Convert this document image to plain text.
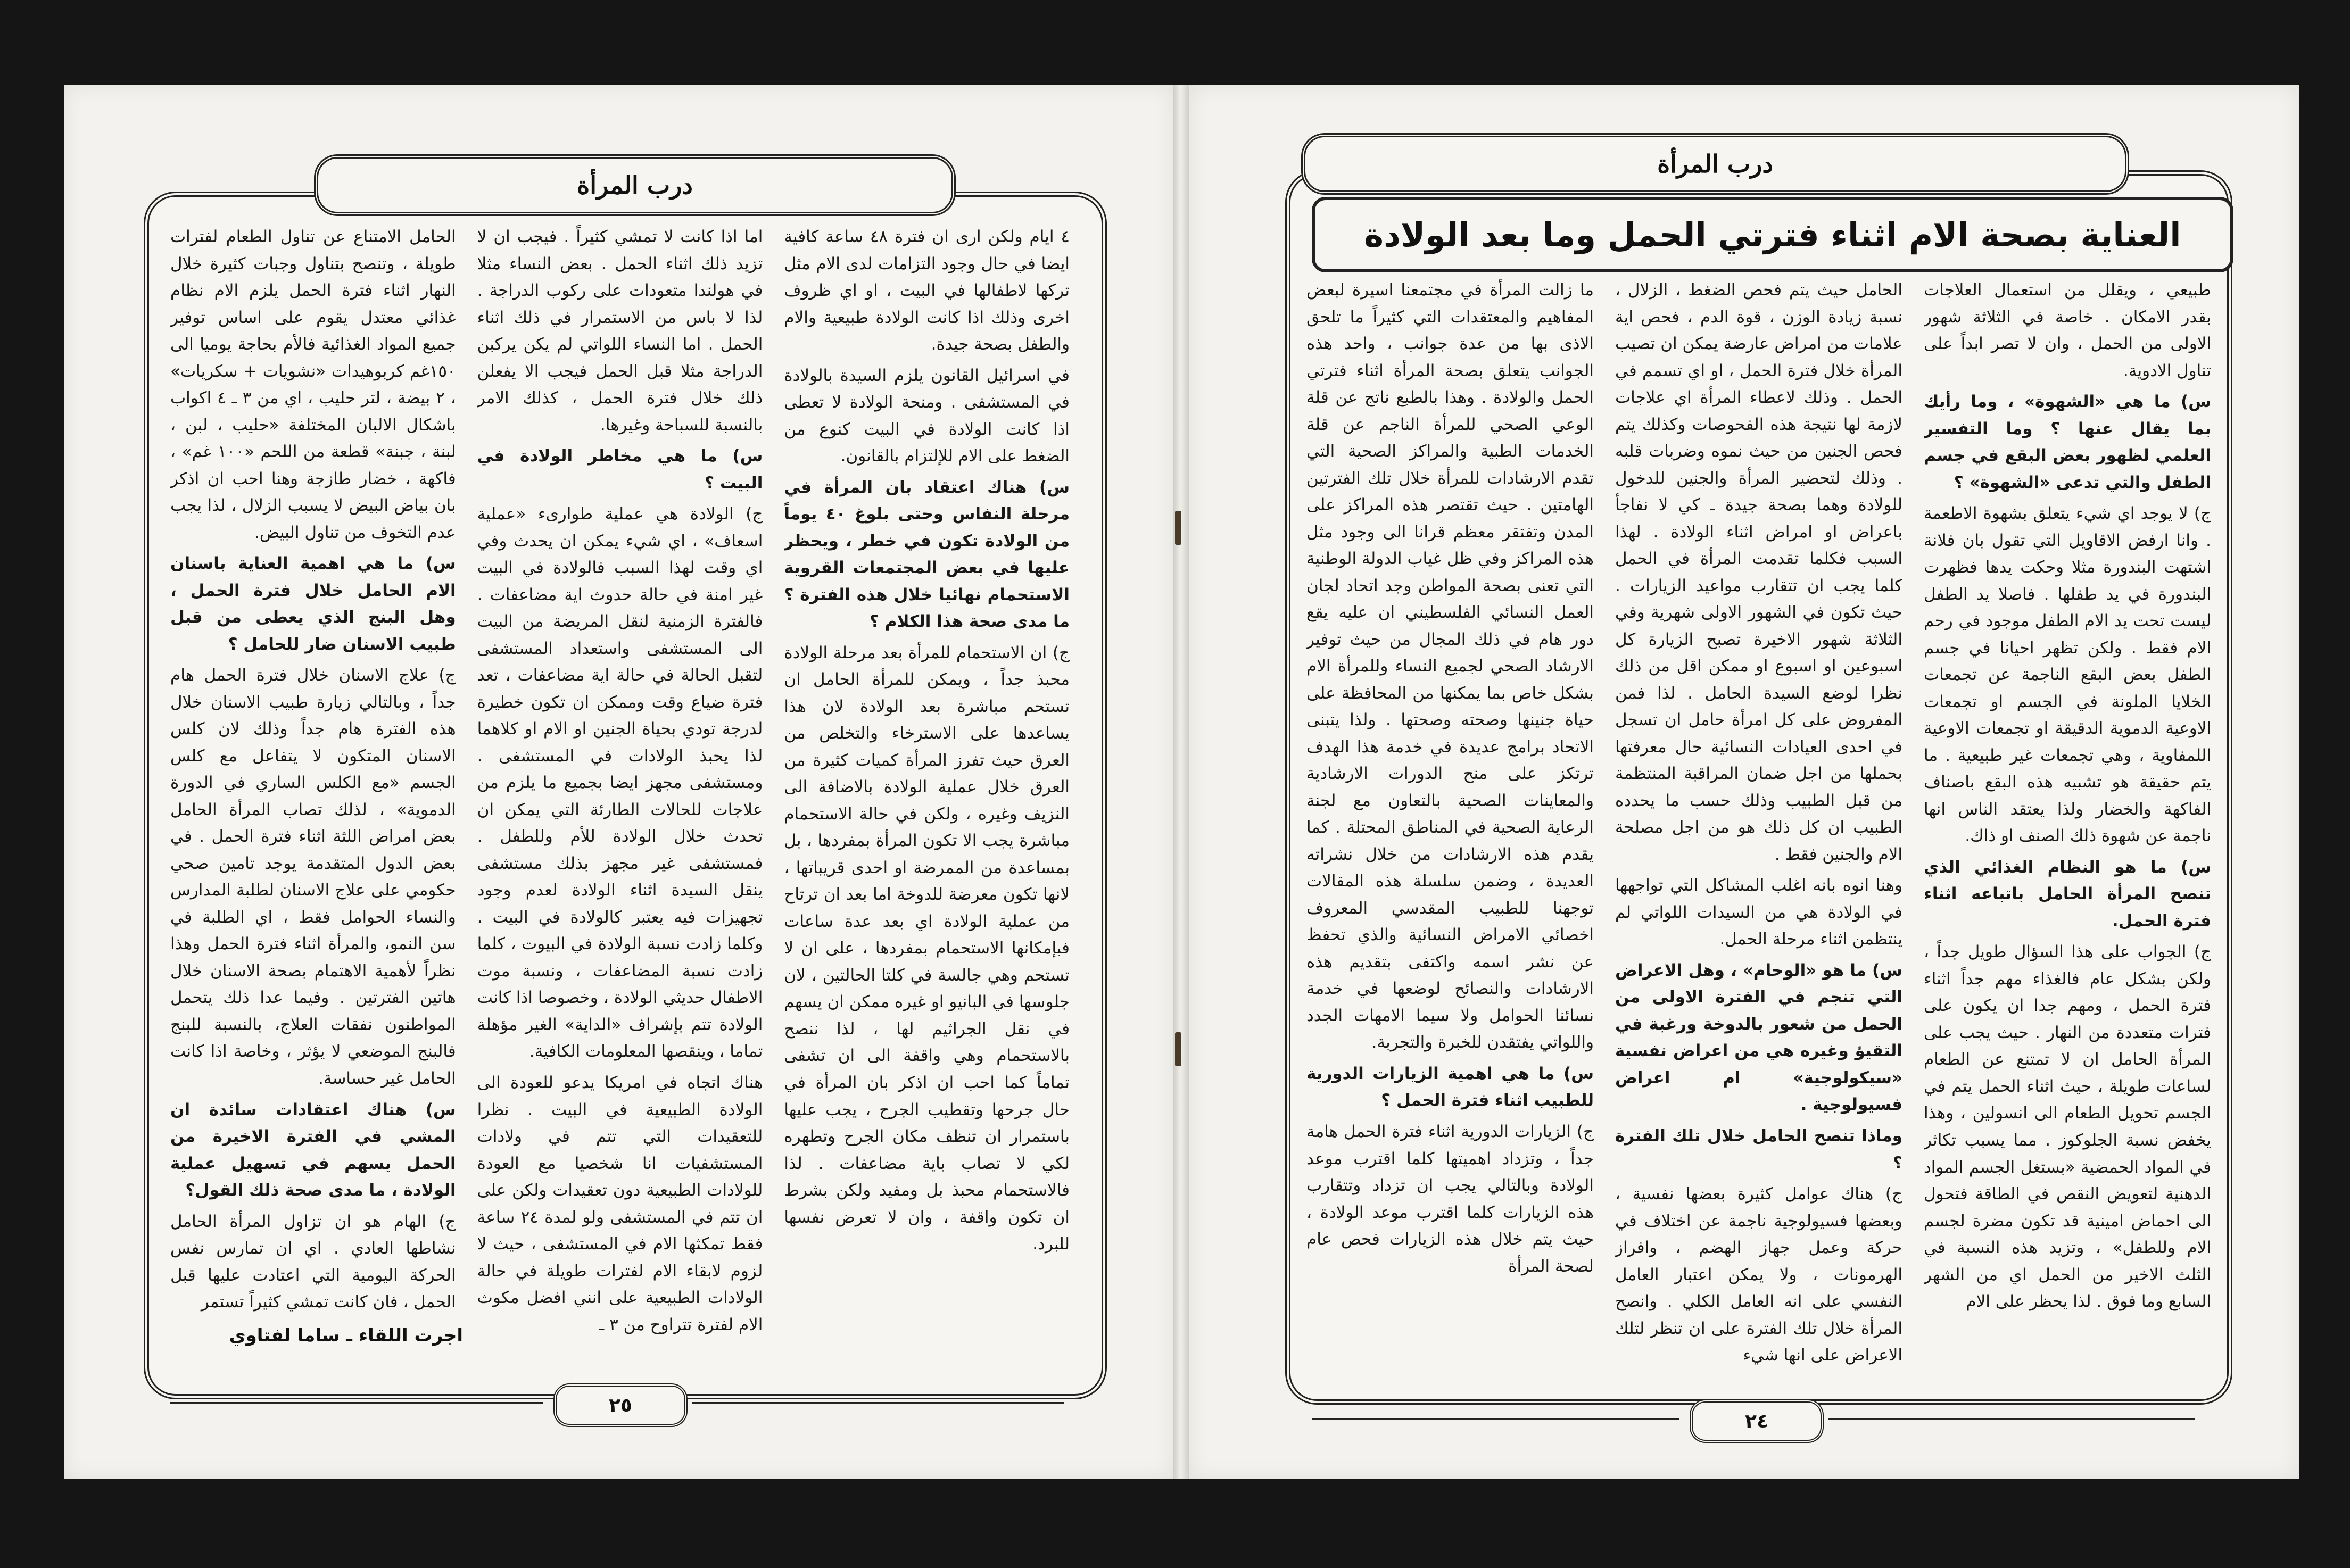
درب المرأة

الحامل الامتناع عن تناول الطعام لفترات طويلة ، وتنصح بتناول وجبات كثيرة خلال النهار اثناء فترة الحمل يلزم الام نظام غذائي معتدل يقوم على اساس توفير جميع المواد الغذائية فالأم بحاجة يوميا الى ١٥٠غم كربوهيدات «نشويات + سكريات» ، ٢ بيضة ، لتر حليب ، اي من ٣ ـ ٤ اكواب باشكال الالبان المختلفة «حليب ، لبن ، لبنة ، جبنة» قطعة من اللحم «١٠٠ غم» ، فاكهة ، خضار طازجة وهنا احب ان اذكر بان بياض البيض لا يسبب الزلال ، لذا يجب عدم التخوف من تناول البيض.

س) ما هي اهمية العناية باسنان الام الحامل خلال فترة الحمل ، وهل البنج الذي يعطى من قبل طبيب الاسنان ضار للحامل ؟

ج) علاج الاسنان خلال فترة الحمل هام جداً ، وبالتالي زيارة طبيب الاسنان خلال هذه الفترة هام جداً وذلك لان كلس الاسنان المتكون لا يتفاعل مع كلس الجسم «مع الكلس الساري في الدورة الدموية» ، لذلك تصاب المرأة الحامل بعض امراض اللثة اثناء فترة الحمل . في بعض الدول المتقدمة يوجد تامين صحي حكومي على علاج الاسنان لطلبة المدارس والنساء الحوامل فقط ، اي الطلبة في سن النمو، والمرأة اثناء فترة الحمل وهذا نظراً لأهمية الاهتمام بصحة الاسنان خلال هاتين الفترتين . وفيما عدا ذلك يتحمل المواطنون نفقات العلاج، بالنسبة للبنج فالبنج الموضعي لا يؤثر ، وخاصة اذا كانت الحامل غير حساسة.

س) هناك اعتقادات سائدة ان المشي في الفترة الاخيرة من الحمل يسهم في تسهيل عملية الولادة ، ما مدى صحة ذلك القول؟

ج) الهام هو ان تزاول المرأة الحامل نشاطها العادي . اي ان تمارس نفس الحركة اليومية التي اعتادت عليها قبل الحمل ، فان كانت تمشي كثيراً تستمر

اما اذا كانت لا تمشي كثيراً . فيجب ان لا تزيد ذلك اثناء الحمل . بعض النساء مثلا في هولندا متعودات على ركوب الدراجة . لذا لا باس من الاستمرار في ذلك اثناء الحمل . اما النساء اللواتي لم يكن يركبن الدراجة مثلا قبل الحمل فيجب الا يفعلن ذلك خلال فترة الحمل ، كذلك الامر بالنسبة للسباحة وغيرها.

س) ما هي مخاطر الولادة في البيت ؟

ج) الولادة هي عملية طوارىء «عملية اسعاف» ، اي شيء يمكن ان يحدث وفي اي وقت لهذا السبب فالولادة في البيت غير امنة في حالة حدوث اية مضاعفات . فالفترة الزمنية لنقل المريضة من البيت الى المستشفى واستعداد المستشفى لتقبل الحالة في حالة اية مضاعفات ، تعد فترة ضياع وقت وممكن ان تكون خطيرة لدرجة تودي بحياة الجنين او الام او كلاهما لذا يحبذ الولادات في المستشفى . ومستشفى مجهز ايضا بجميع ما يلزم من علاجات للحالات الطارئة التي يمكن ان تحدث خلال الولادة للأم وللطفل . فمستشفى غير مجهز بذلك مستشفى ينقل السيدة اثناء الولادة لعدم وجود تجهيزات فيه يعتبر كالولادة في البيت . وكلما زادت نسبة الولادة في البيوت ، كلما زادت نسبة المضاعفات ، ونسبة موت الاطفال حديثي الولادة ، وخصوصا اذا كانت الولادة تتم بإشراف «الداية» الغير مؤهلة تماما ، وينقصها المعلومات الكافية.

هناك اتجاه في امريكا يدعو للعودة الى الولادة الطبيعية في البيت . نظرا للتعقيدات التي تتم في ولادات المستشفيات انا شخصيا مع العودة للولادات الطبيعية دون تعقيدات ولكن على ان تتم في المستشفى ولو لمدة ٢٤ ساعة فقط تمكثها الام في المستشفى ، حيث لا لزوم لابقاء الام لفترات طويلة في حالة الولادات الطبيعية على انني افضل مكوث الام لفترة تتراوح من ٣ ـ

٤ ايام ولكن ارى ان فترة ٤٨ ساعة كافية ايضا في حال وجود التزامات لدى الام مثل تركها لاطفالها في البيت ، او اي ظروف اخرى وذلك اذا كانت الولادة طبيعية والام والطفل بصحة جيدة.

في اسرائيل القانون يلزم السيدة بالولادة في المستشفى . ومنحة الولادة لا تعطى اذا كانت الولادة في البيت كنوع من الضغط على الام للإلتزام بالقانون.

س) هناك اعتقاد بان المرأة في مرحلة النفاس وحتى بلوغ ٤٠ يوماً من الولادة تكون في خطر ، ويحظر عليها في بعض المجتمعات القروية الاستحمام نهائيا خلال هذه الفترة ؟ ما مدى صحة هذا الكلام ؟

ج) ان الاستحمام للمرأة بعد مرحلة الولادة محبذ جداً ، ويمكن للمرأة الحامل ان تستحم مباشرة بعد الولادة لان هذا يساعدها على الاسترخاء والتخلص من العرق حيث تفرز المرأة كميات كثيرة من العرق خلال عملية الولادة بالاضافة الى النزيف وغيره ، ولكن في حالة الاستحمام مباشرة يجب الا تكون المرأة بمفردها ، بل بمساعدة من الممرضة او احدى قريباتها ، لانها تكون معرضة للدوخة اما بعد ان ترتاح من عملية الولادة اي بعد عدة ساعات فبإمكانها الاستحمام بمفردها ، على ان لا تستحم وهي جالسة في كلتا الحالتين ، لان جلوسها في البانيو او غيره ممكن ان يسهم في نقل الجراثيم لها ، لذا ننصح بالاستحمام وهي واقفة الى ان تشفى تماماً كما احب ان اذكر بان المرأة في حال جرحها وتقطيب الجرح ، يجب عليها باستمرار ان تنظف مكان الجرح وتطهره لكي لا تصاب باية مضاعفات . لذا فالاستحمام محبذ بل ومفيد ولكن بشرط ان تكون واقفة ، وان لا تعرض نفسها للبرد.

اجرت اللقاء ـ ساما لفتاوي
٢٥
درب المرأة
العناية بصحة الام اثناء فترتي الحمل وما بعد الولادة

ما زالت المرأة في مجتمعنا اسيرة لبعض المفاهيم والمعتقدات التي كثيراً ما تلحق الاذى بها من عدة جوانب ، واحد هذه الجوانب يتعلق بصحة المرأة اثناء فترتي الحمل والولادة . وهذا بالطبع ناتج عن قلة الوعي الصحي للمرأة الناجم عن قلة الخدمات الطبية والمراكز الصحية التي تقدم الارشادات للمرأة خلال تلك الفترتين الهامتين . حيث تقتصر هذه المراكز على المدن وتفتقر معظم قرانا الى وجود مثل هذه المراكز وفي ظل غياب الدولة الوطنية التي تعنى بصحة المواطن وجد اتحاد لجان العمل النسائي الفلسطيني ان عليه يقع دور هام في ذلك المجال من حيث توفير الارشاد الصحي لجميع النساء وللمرأة الام بشكل خاص بما يمكنها من المحافظة على حياة جنينها وصحته وصحتها . ولذا يتبنى الاتحاد برامج عديدة في خدمة هذا الهدف ترتكز على منح الدورات الارشادية والمعاينات الصحية بالتعاون مع لجنة الرعاية الصحية في المناطق المحتلة . كما يقدم هذه الارشادات من خلال نشراته العديدة ، وضمن سلسلة هذه المقالات توجهنا للطبيب المقدسي المعروف اخصائي الامراض النسائية والذي تحفظ عن نشر اسمه واكتفى بتقديم هذه الارشادات والنصائح لوضعها في خدمة نسائنا الحوامل ولا سيما الامهات الجدد واللواتي يفتقدن للخبرة والتجربة.

س) ما هي اهمية الزيارات الدورية للطبيب اثناء فترة الحمل ؟

ج) الزيارات الدورية اثناء فترة الحمل هامة جداً ، وتزداد اهميتها كلما اقترب موعد الولادة وبالتالي يجب ان تزداد وتتقارب هذه الزيارات كلما اقترب موعد الولادة ، حيث يتم خلال هذه الزيارات فحص عام لصحة المرأة

الحامل حيث يتم فحص الضغط ، الزلال ، نسبة زيادة الوزن ، قوة الدم ، فحص اية علامات من امراض عارضة يمكن ان تصيب المرأة خلال فترة الحمل ، او اي تسمم في الحمل . وذلك لاعطاء المرأة اي علاجات لازمة لها نتيجة هذه الفحوصات وكذلك يتم فحص الجنين من حيث نموه وضربات قلبه . وذلك لتحضير المرأة والجنين للدخول للولادة وهما بصحة جيدة ـ كي لا نفاجأ باعراض او امراض اثناء الولادة . لهذا السبب فكلما تقدمت المرأة في الحمل كلما يجب ان تتقارب مواعيد الزيارات . حيث تكون في الشهور الاولى شهرية وفي الثلاثة شهور الاخيرة تصبح الزيارة كل اسبوعين او اسبوع او ممكن اقل من ذلك نظرا لوضع السيدة الحامل . لذا فمن المفروض على كل امرأة حامل ان تسجل في احدى العيادات النسائية حال معرفتها بحملها من اجل ضمان المراقبة المنتظمة من قبل الطبيب وذلك حسب ما يحدده الطبيب ان كل ذلك هو من اجل مصلحة الام والجنين فقط .

وهنا انوه بانه اغلب المشاكل التي تواجهها في الولادة هي من السيدات اللواتي لم ينتظمن اثناء مرحلة الحمل.

س) ما هو «الوحام» ، وهل الاعراض التي تنجم في الفترة الاولى من الحمل من شعور بالدوخة ورغبة في التقيؤ وغيره هي من اعراض نفسية «سيكولوجية» ام اعراض فسيولوجية .

وماذا تنصح الحامل خلال تلك الفترة ؟

ج) هناك عوامل كثيرة بعضها نفسية ، وبعضها فسيولوجية ناجمة عن اختلاف في حركة وعمل جهاز الهضم ، وافراز الهرمونات ، ولا يمكن اعتبار العامل النفسي على انه العامل الكلي . وانصح المرأة خلال تلك الفترة على ان تنظر لتلك الاعراض على انها شيء

طبيعي ، ويقلل من استعمال العلاجات بقدر الامكان . خاصة في الثلاثة شهور الاولى من الحمل ، وان لا تصر ابداً على تناول الادوية.

س) ما هي «الشهوة» ، وما رأيك بما يقال عنها ؟ وما التفسير العلمي لظهور بعض البقع في جسم الطفل والتي تدعى «الشهوة» ؟

ج) لا يوجد اي شيء يتعلق بشهوة الاطعمة . وانا ارفض الاقاويل التي تقول بان فلانة اشتهت البندورة مثلا وحكت يدها فظهرت البندورة في يد طفلها . فاصلا يد الطفل ليست تحت يد الام الطفل موجود في رحم الام فقط . ولكن تظهر احيانا في جسم الطفل بعض البقع الناجمة عن تجمعات الخلايا الملونة في الجسم او تجمعات الاوعية الدموية الدقيقة او تجمعات الاوعية اللمفاوية ، وهي تجمعات غير طبيعية . ما يتم حقيقة هو تشبيه هذه البقع باصناف الفاكهة والخضار ولذا يعتقد الناس انها ناجمة عن شهوة ذلك الصنف او ذاك.

س) ما هو النظام الغذائي الذي تنصح المرأة الحامل باتباعه اثناء فترة الحمل.

ج) الجواب على هذا السؤال طويل جداً ، ولكن بشكل عام فالغذاء مهم جداً اثناء فترة الحمل ، ومهم جدا ان يكون على فترات متعددة من النهار . حيث يجب على المرأة الحامل ان لا تمتنع عن الطعام لساعات طويلة ، حيث اثناء الحمل يتم في الجسم تحويل الطعام الى انسولين ، وهذا يخفض نسبة الجلوكوز . مما يسبب تكاثر في المواد الحمضية «بستغل الجسم المواد الدهنية لتعويض النقص في الطاقة فتحول الى احماض امينية قد تكون مضرة لجسم الام وللطفل» ، وتزيد هذه النسبة في الثلث الاخير من الحمل اي من الشهر السابع وما فوق . لذا يحظر على الام

٢٤
